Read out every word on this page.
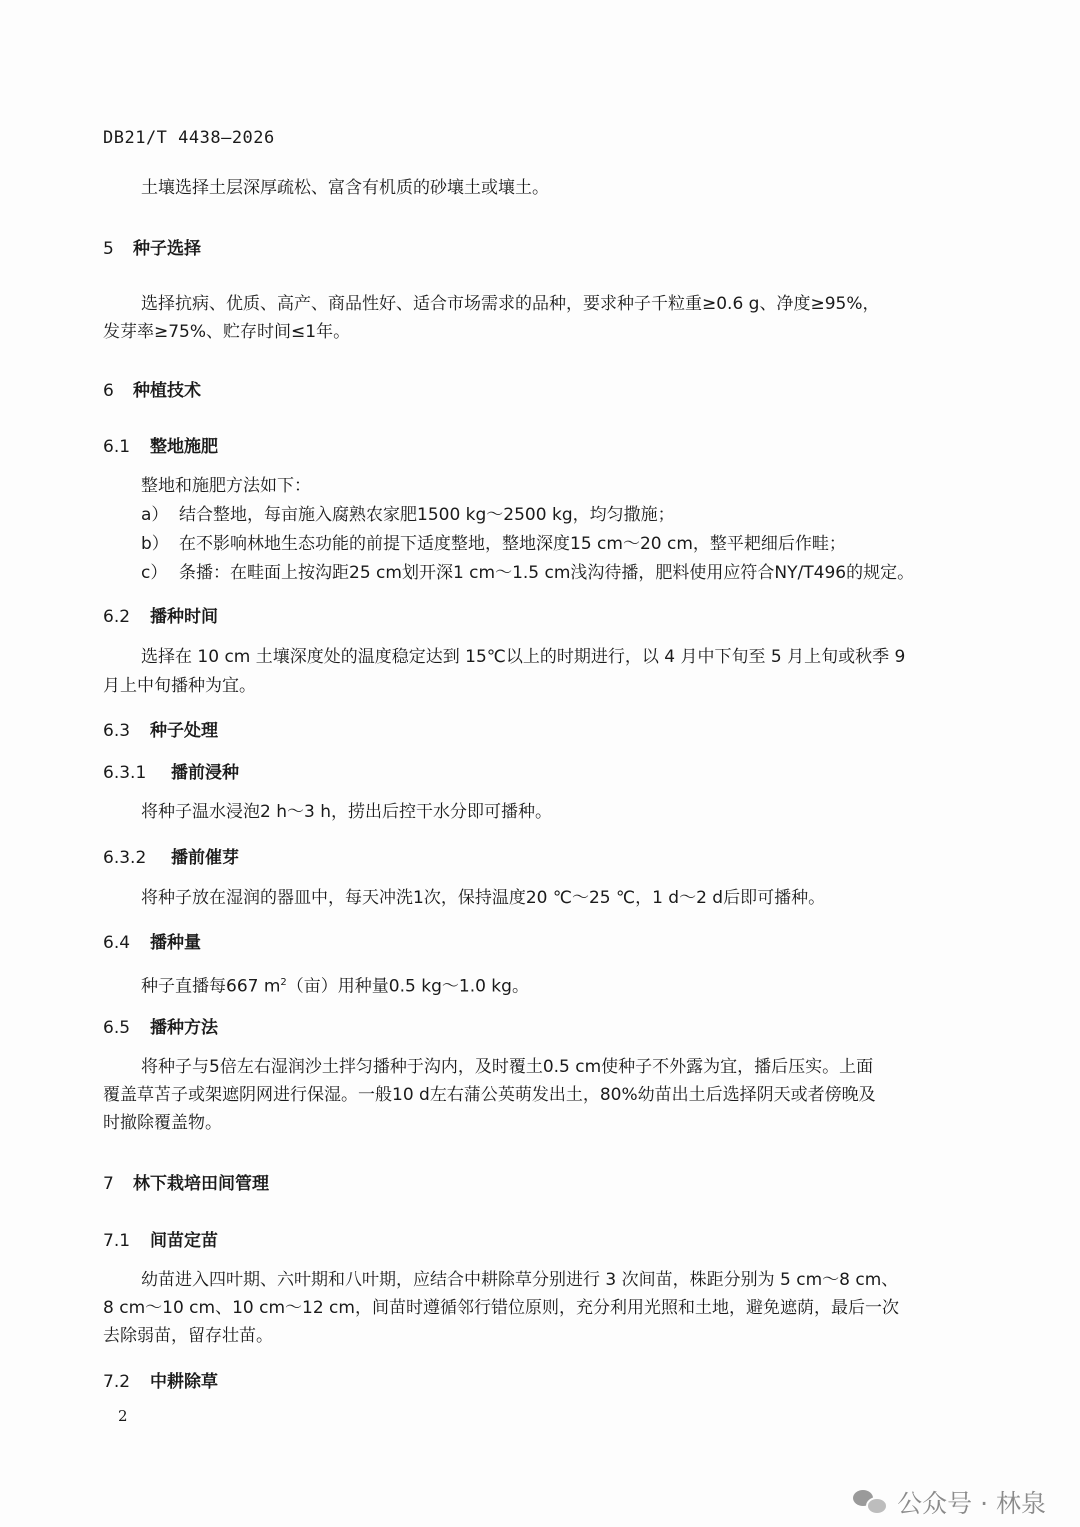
DB21/T 4438—2026
土壤选择土层深厚疏松、富含有机质的砂壤土或壤土。
5 种子选择
选择抗病、优质、高产、商品性好、适合市场需求的品种，要求种子千粒重≥0.6 g、净度≥95%，
发芽率≥75%、贮存时间≤1年。
6 种植技术
6.1 整地施肥
整地和施肥方法如下：
a） 结合整地，每亩施入腐熟农家肥1500 kg～2500 kg，均匀撒施；
b） 在不影响林地生态功能的前提下适度整地，整地深度15 cm～20 cm，整平耙细后作畦；
c） 条播：在畦面上按沟距25 cm划开深1 cm～1.5 cm浅沟待播，肥料使用应符合NY/T496的规定。
6.2 播种时间
选择在 10 cm 土壤深度处的温度稳定达到 15℃以上的时期进行，以 4 月中下旬至 5 月上旬或秋季 9
月上中旬播种为宜。
6.3 种子处理
6.3.1 播前浸种
将种子温水浸泡2 h～3 h，捞出后控干水分即可播种。
6.3.2 播前催芽
将种子放在湿润的器皿中，每天冲洗1次，保持温度20 ℃～25 ℃，1 d～2 d后即可播种。
6.4 播种量
种子直播每667 $m^2$（亩）用种量0.5 kg～1.0 kg。
6.5 播种方法
将种子与5倍左右湿润沙土拌匀播种于沟内，及时覆土0.5 cm使种子不外露为宜，播后压实。上面
覆盖草苫子或架遮阴网进行保湿。一般10 d左右蒲公英萌发出土，80%幼苗出土后选择阴天或者傍晚及
时撤除覆盖物。
7 林下栽培田间管理
7.1 间苗定苗
幼苗进入四叶期、六叶期和八叶期，应结合中耕除草分别进行 3 次间苗，株距分别为 5 cm～8 cm、
8 cm～10 cm、10 cm～12 cm，间苗时遵循邻行错位原则，充分利用光照和土地，避免遮荫，最后一次
去除弱苗，留存壮苗。
7.2 中耕除草
2
公众号 · 林泉
